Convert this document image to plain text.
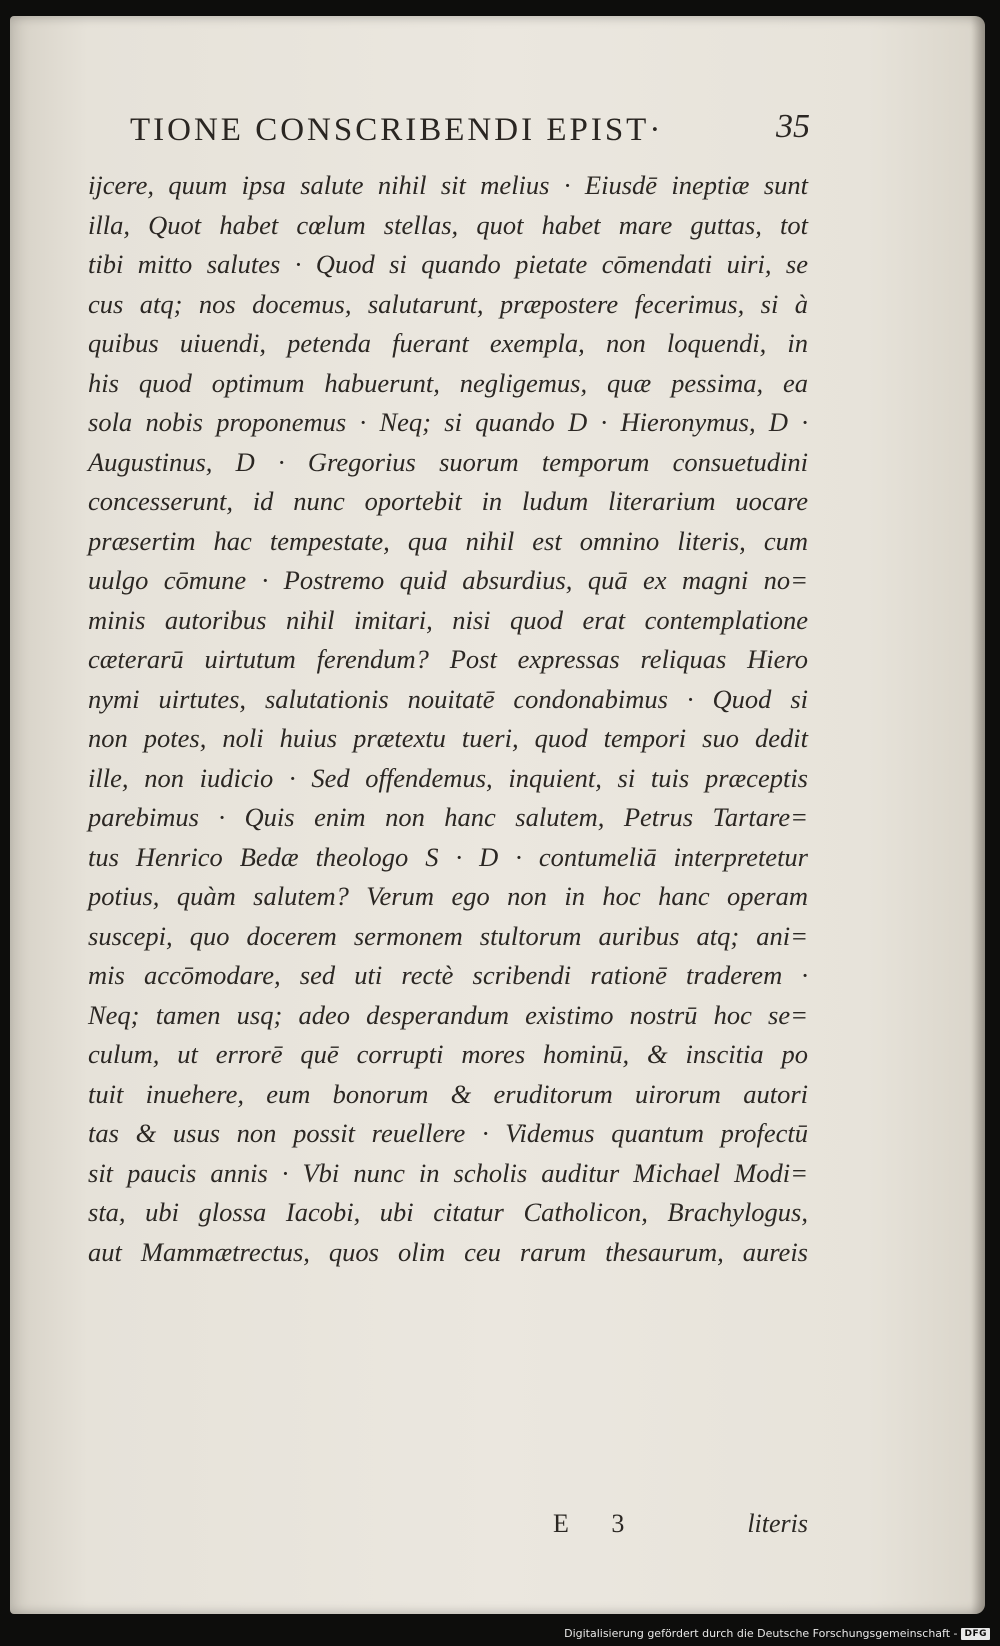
TIONE CONSCRIBENDI EPIST·	35
ijcere, quum ipsa salute nihil sit melius · Eiusdē ineptiæ sunt
illa, Quot habet cœlum stellas, quot habet mare guttas, tot
tibi mitto salutes · Quod si quando pietate cōmendati uiri, se
cus atq; nos docemus, salutarunt, præpostere fecerimus, si à
quibus uiuendi, petenda fuerant exempla, non loquendi, in
his quod optimum habuerunt, negligemus, quæ pessima, ea
sola nobis proponemus · Neq; si quando D · Hieronymus, D ·
Augustinus, D · Gregorius suorum temporum consuetudini
concesserunt, id nunc oportebit in ludum literarium uocare
præsertim hac tempestate, qua nihil est omnino literis, cum
uulgo cōmune · Postremo quid absurdius, quā ex magni no=
minis autoribus nihil imitari, nisi quod erat contemplatione
cæterarū uirtutum ferendum? Post expressas reliquas Hiero
nymi uirtutes, salutationis nouitatē condonabimus · Quod si
non potes, noli huius prætextu tueri, quod tempori suo dedit
ille, non iudicio · Sed offendemus, inquient, si tuis præceptis
parebimus · Quis enim non hanc salutem, Petrus Tartare=
tus Henrico Bedæ theologo S · D · contumeliā interpretetur
potius, quàm salutem? Verum ego non in hoc hanc operam
suscepi, quo docerem sermonem stultorum auribus atq; ani=
mis accōmodare, sed uti rectè scribendi rationē traderem ·
Neq; tamen usq; adeo desperandum existimo nostrū hoc se=
culum, ut errorē quē corrupti mores hominū, & inscitia po
tuit inuehere, eum bonorum & eruditorum uirorum autori
tas & usus non possit reuellere · Videmus quantum profectū
sit paucis annis · Vbi nunc in scholis auditur Michael Modi=
sta, ubi glossa Iacobi, ubi citatur Catholicon, Brachylogus,
aut Mammætrectus, quos olim ceu rarum thesaurum, aureis
E 3	literis
Digitalisierung gefördert durch die Deutsche Forschungsgemeinschaft - DFG
